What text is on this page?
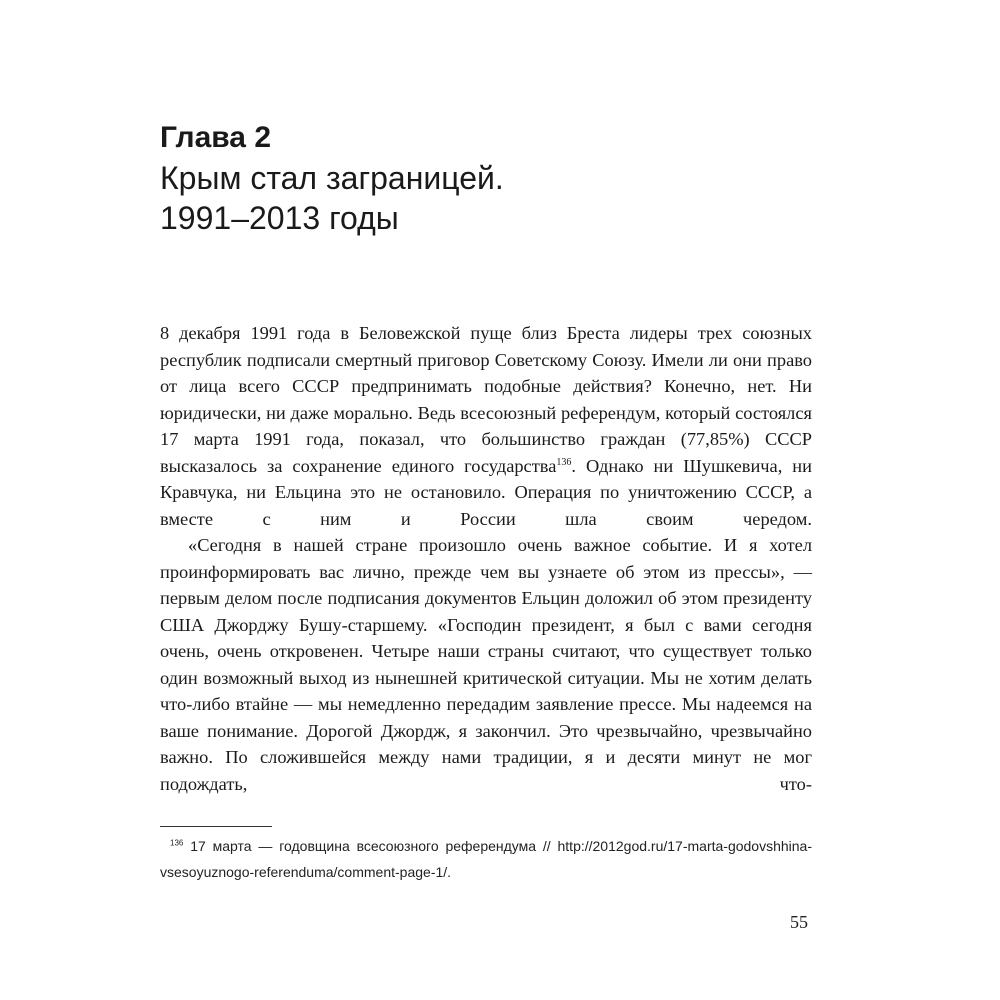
Глава 2
Крым стал заграницей.
1991–2013 годы

8 декабря 1991 года в Беловежской пуще близ Бреста лидеры трех союзных республик подписали смертный приговор Советскому Союзу. Имели ли они право от лица всего СССР предпринимать подобные действия? Конечно, нет. Ни юридически, ни даже морально. Ведь всесоюзный референдум, который состоялся 17 марта 1991 года, показал, что большинство граждан (77,85%) СССР высказалось за сохранение единого государства$^{136}$. Однако ни Шушкевича, ни Кравчука, ни Ельцина это не остановило. Операция по уничтожению СССР, а вместе с ним и России шла своим чередом.

«Сегодня в нашей стране произошло очень важное событие. И я хотел проинформировать вас лично, прежде чем вы узнаете об этом из прессы», — первым делом после подписания документов Ельцин доложил об этом президенту США Джорджу Бушу-старшему. «Господин президент, я был с вами сегодня очень, очень откровенен. Четыре наши страны считают, что существует только один возможный выход из нынешней критической ситуации. Мы не хотим делать что-либо втайне — мы немедленно передадим заявление прессе. Мы надеемся на ваше понимание. Дорогой Джордж, я закончил. Это чрезвычайно, чрезвычайно важно. По сложившейся между нами традиции, я и десяти минут не мог подождать, что-

$^{136}$ 17 марта — годовщина всесоюзного референдума // http://2012god.ru/17-marta-godovshhina-vsesoyuznogo-referenduma/comment-page-1/.

55
